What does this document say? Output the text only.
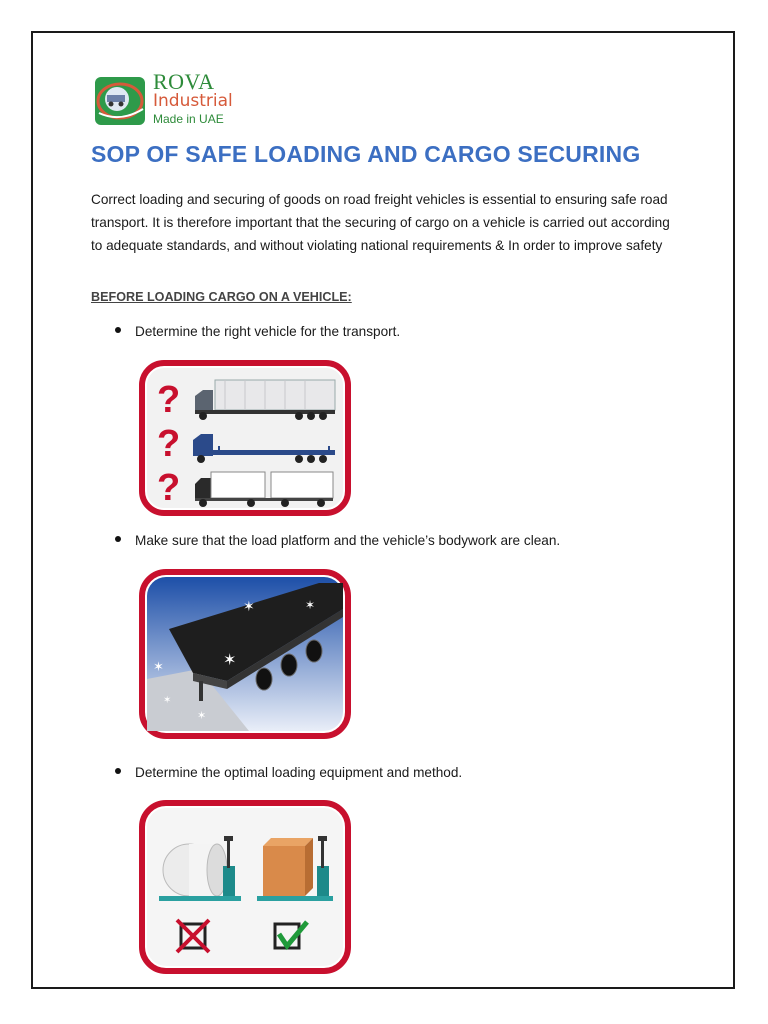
ROVA
Industrial
Made in UAE
SOP OF SAFE LOADING AND CARGO SECURING
Correct loading and securing of goods on road freight vehicles is essential to ensuring safe road transport. It is therefore important that the securing of cargo on a vehicle is carried out according to adequate standards, and without violating national requirements & In order to improve safety
BEFORE LOADING CARGO ON A VEHICLE:
Determine the right vehicle for the transport.
?
?
?
Make sure that the load platform and the vehicle’s bodywork are clean.
✶	✶
✶
✶
✶
✶
Determine the optimal loading equipment and method.
